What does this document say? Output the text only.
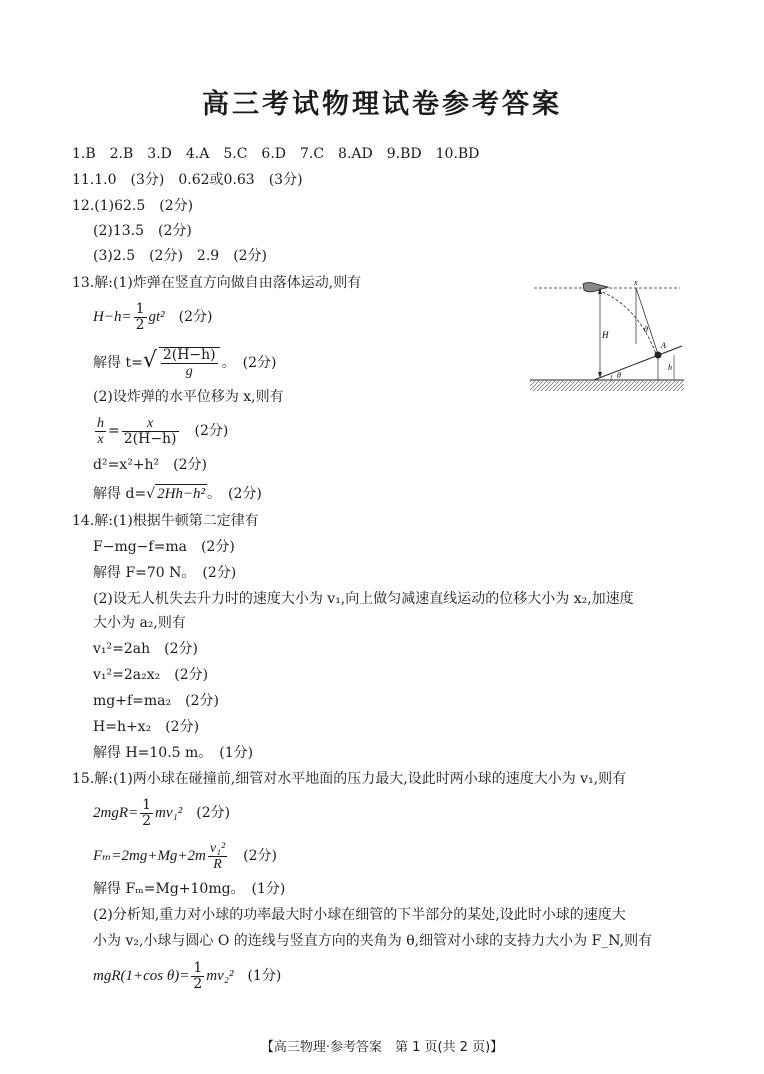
高三考试物理试卷参考答案
1.B　2.B　3.D　4.A　5.C　6.D　7.C　8.AD　9.BD　10.BD
11.1.0　(3分)　0.62或0.63　(3分)
12.(1)62.5　(2分)
(2)13.5　(2分)
(3)2.5　(2分)　2.9　(2分)
13.解:(1)炸弹在竖直方向做自由落体运动,则有
$H-h= \frac{1}{2} gt^2$　 (2分)
解得 $t=√ \frac{2(H-h)}{g}$ 。　(2分)
(2)设炸弹的水平位移为 x,则有
$\frac{h}{x} = \frac{x}{2(H-h)}$
　 (2分)
d²=x²+h²　(2分)
解得 d=√ 2Hh−h² 。　(2分)
x
θ
H
A
h
θ
14.解:(1)根据牛顿第二定律有
F−mg−f=ma　(2分)
解得 F=70 N。　(2分)
(2)设无人机失去升力时的速度大小为 v₁,向上做匀减速直线运动的位移大小为 x₂,加速度
大小为 a₂,则有
v₁²=2ah　(2分)
v₁²=2a₂x₂　(2分)
mg+f=ma₂　(2分)
H=h+x₂　(2分)
解得 H=10.5 m。　(1分)
15.解:(1)两小球在碰撞前,细管对水平地面的压力最大,设此时两小球的速度大小为 v₁,则有
$2mgR= \frac{1}{2} mv_1^2$　 (2分)
$F_m=2mg+Mg+2m \frac{\text{v₁²}}{R}$
　 (2分)
解得 Fₘ=Mg+10mg。　(1分)
(2)分析知,重力对小球的功率最大时小球在细管的下半部分的某处,设此时小球的速度大
小为 v₂,小球与圆心 O 的连线与竖直方向的夹角为 θ,细管对小球的支持力大小为 F_N,则有
mgR(1+cos $\theta)= \frac{1}{2} mv_2^2$　 (1分)
【高三物理·参考答案　第 1 页(共 2 页)】
